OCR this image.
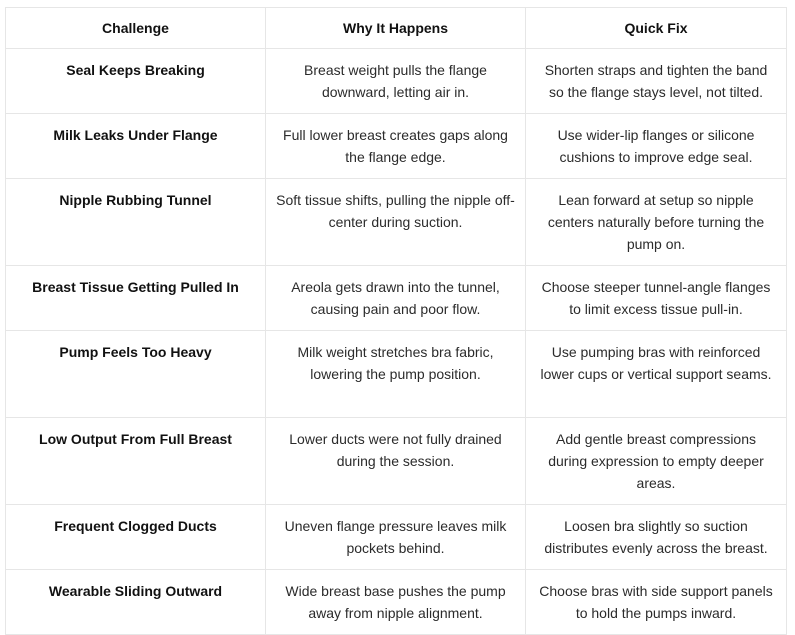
Challenge	Why It Happens	Quick Fix
Seal Keeps Breaking	Breast weight pulls the flange downward, letting air in.	Shorten straps and tighten the band so the flange stays level, not tilted.
Milk Leaks Under Flange	Full lower breast creates gaps along the flange edge.	Use wider-lip flanges or silicone cushions to improve edge seal.
Nipple Rubbing Tunnel	Soft tissue shifts, pulling the nipple off-center during suction.	Lean forward at setup so nipple centers naturally before turning the pump on.
Breast Tissue Getting Pulled In	Areola gets drawn into the tunnel, causing pain and poor flow.	Choose steeper tunnel-angle flanges to limit excess tissue pull-in.
Pump Feels Too Heavy	Milk weight stretches bra fabric, lowering the pump position.	Use pumping bras with reinforced lower cups or vertical support seams.
Low Output From Full Breast	Lower ducts were not fully drained during the session.	Add gentle breast compressions during expression to empty deeper areas.
Frequent Clogged Ducts	Uneven flange pressure leaves milk pockets behind.	Loosen bra slightly so suction distributes evenly across the breast.
Wearable Sliding Outward	Wide breast base pushes the pump away from nipple alignment.	Choose bras with side support panels to hold the pumps inward.
